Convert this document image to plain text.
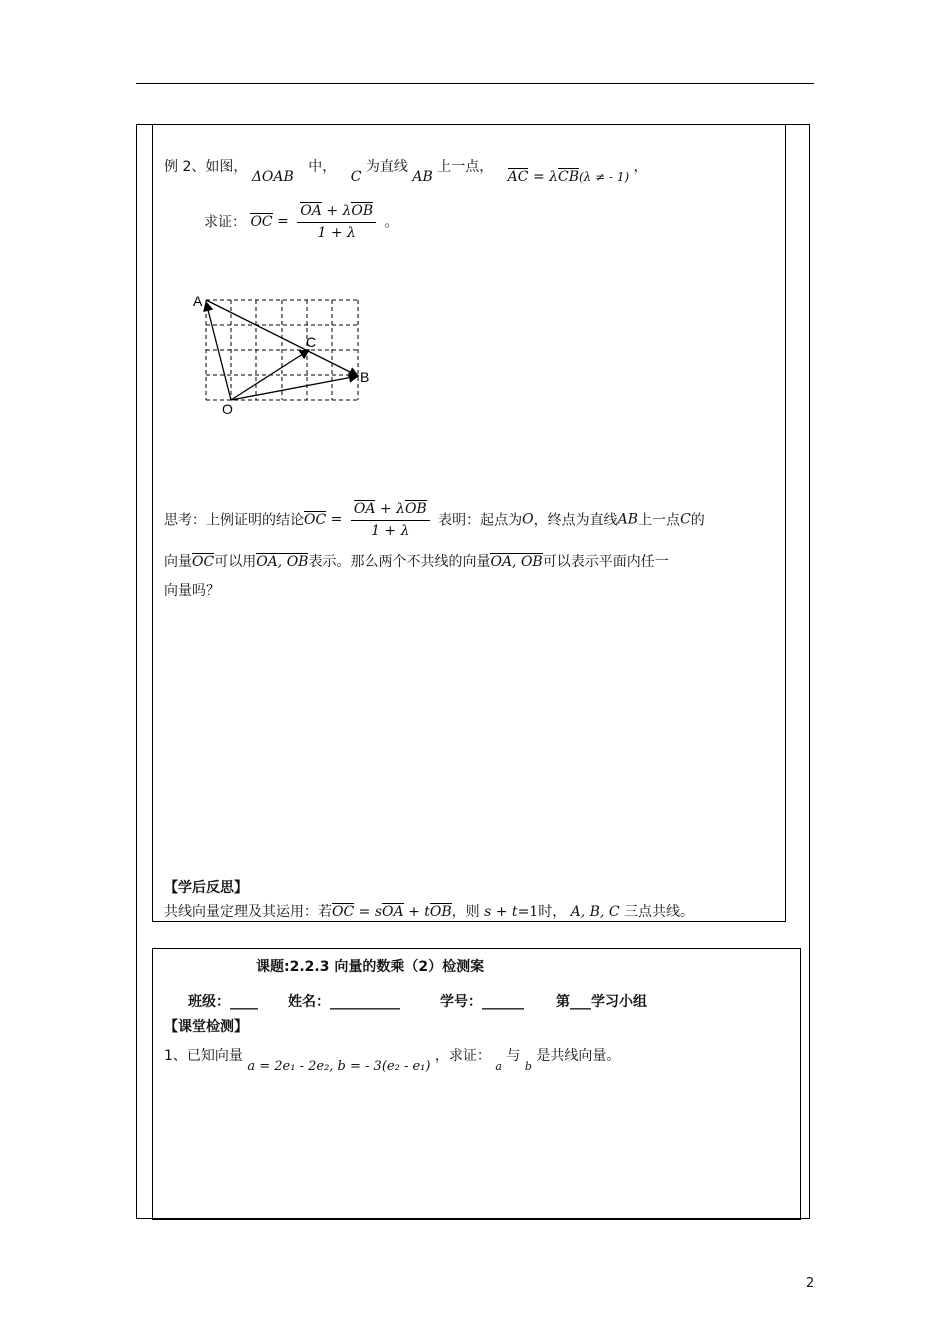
例 2、如图， ΔOAB 中， C 为直线 AB 上一点， AC = λCB(λ ≠ - 1) ，
求证： OC = $\frac{\text{OA + λOB}}{1 + \lambda}$ 。
A
B
C
O
思考：上例证明的结论OC = $\frac{\text{OA + λOB}}{1 + \lambda}$ 表明：起点为O，终点为直线AB上一点C的
向量OC可以用OA, OB表示。那么两个不共线的向量OA, OB可以表示平面内任一
向量吗？
【学后反思】
共线向量定理及其运用：若OC = sOA + tOB，则 s + t=1时， A, B, C 三点共线。
课题:2.2.3 向量的数乘（2）检测案
班级：____ 姓名：__________	学号：______ 第___学习小组
【课堂检测】
1、已知向量 a = 2e₁ - 2e₂, b = - 3(e₂ - e₁) ，求证： $_a$ 与 $_b$ 是共线向量。
2
